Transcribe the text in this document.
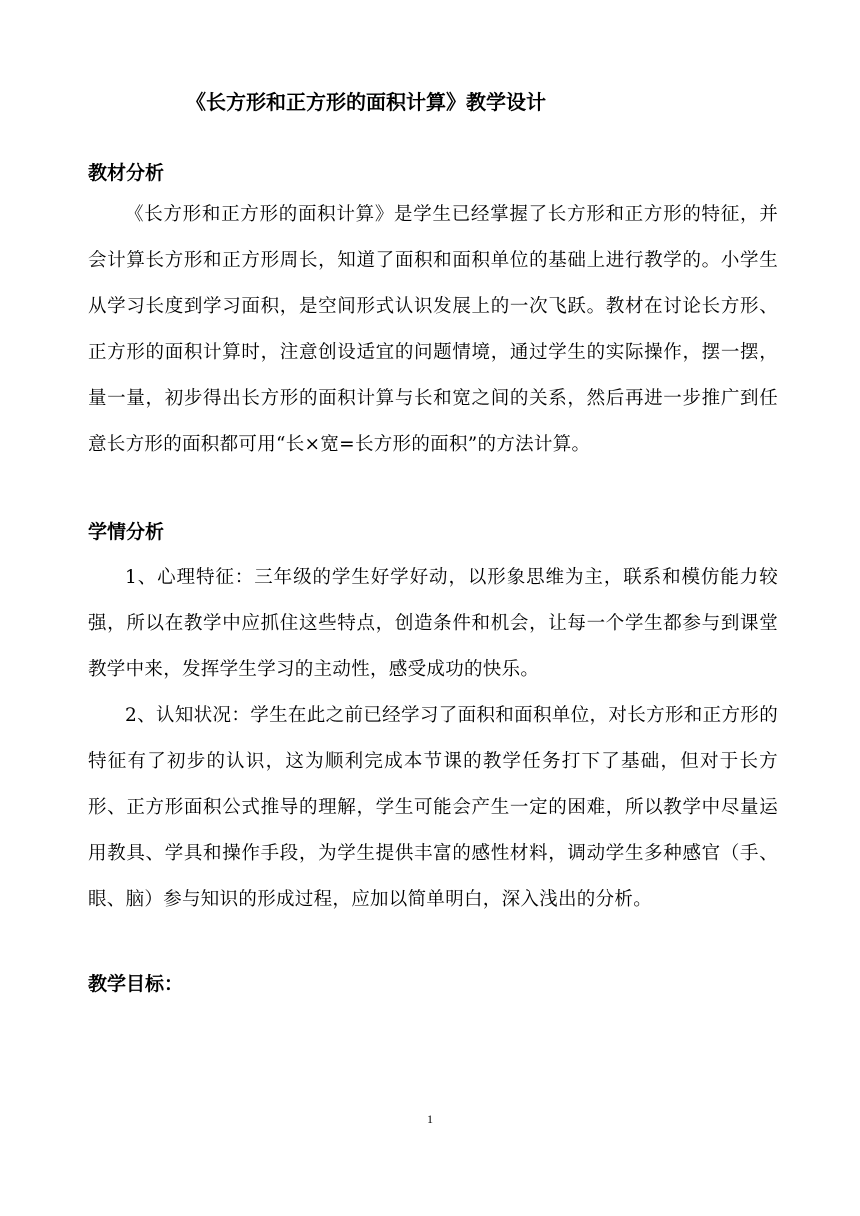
《长方形和正方形的面积计算》教学设计
教材分析
《长方形和正方形的面积计算》是学生已经掌握了长方形和正方形的特征，并会计算长方形和正方形周长，知道了面积和面积单位的基础上进行教学的。小学生从学习长度到学习面积，是空间形式认识发展上的一次飞跃。教材在讨论长方形、正方形的面积计算时，注意创设适宜的问题情境，通过学生的实际操作，摆一摆，量一量，初步得出长方形的面积计算与长和宽之间的关系，然后再进一步推广到任意长方形的面积都可用“长×宽=长方形的面积”的方法计算。
学情分析
1、心理特征：三年级的学生好学好动，以形象思维为主，联系和模仿能力较强，所以在教学中应抓住这些特点，创造条件和机会，让每一个学生都参与到课堂教学中来，发挥学生学习的主动性，感受成功的快乐。
2、认知状况：学生在此之前已经学习了面积和面积单位，对长方形和正方形的特征有了初步的认识，这为顺利完成本节课的教学任务打下了基础，但对于长方形、正方形面积公式推导的理解，学生可能会产生一定的困难，所以教学中尽量运用教具、学具和操作手段，为学生提供丰富的感性材料，调动学生多种感官（手、眼、脑）参与知识的形成过程，应加以简单明白，深入浅出的分析。
教学目标：
1
